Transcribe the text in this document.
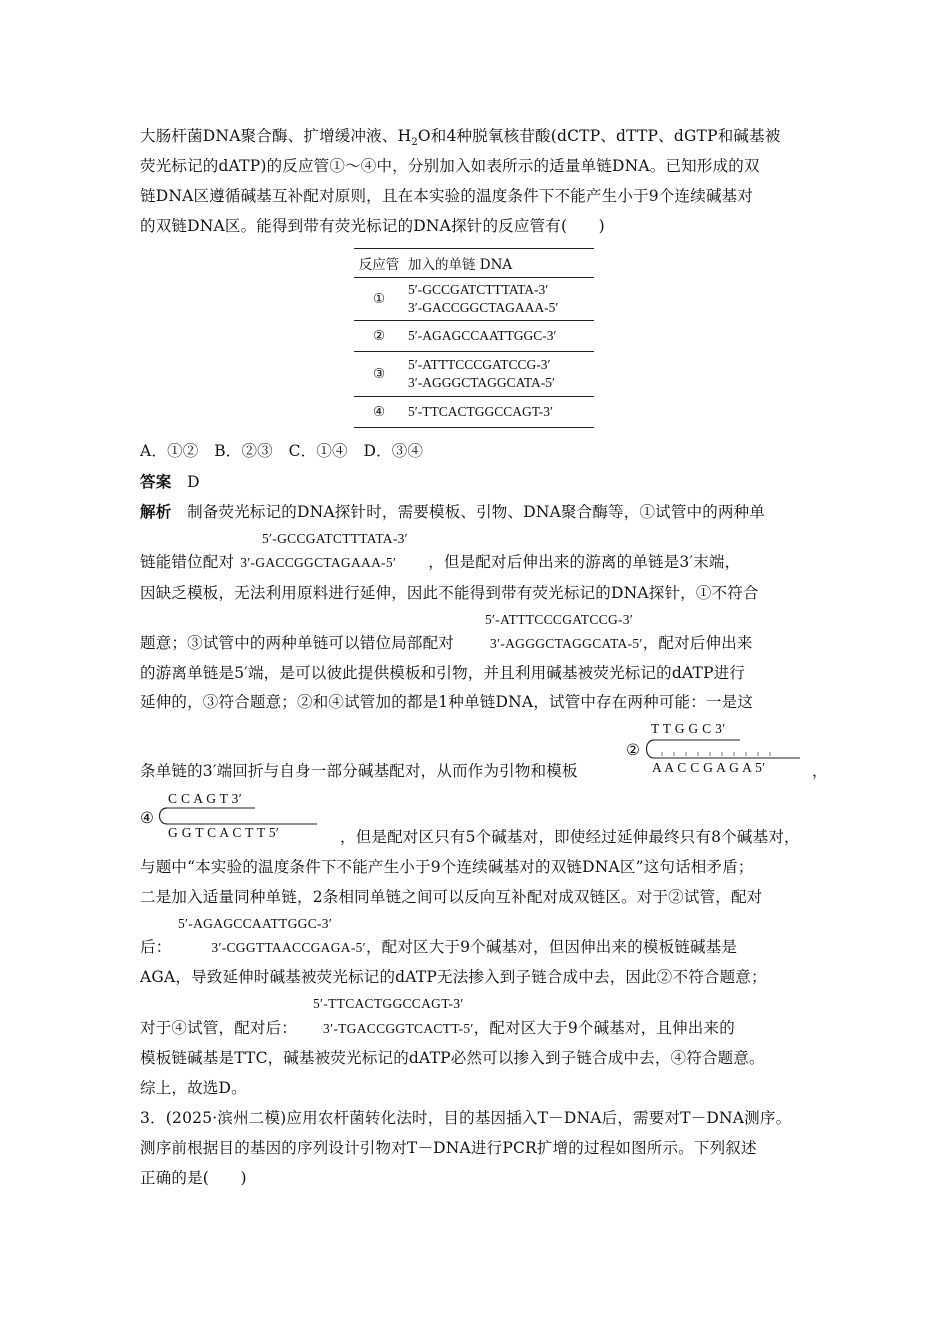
大肠杆菌DNA聚合酶、扩增缓冲液、$H_2O$和4种脱氧核苷酸(dCTP、dTTP、dGTP和碱基被
荧光标记的dATP)的反应管①～④中，分别加入如表所示的适量单链DNA。已知形成的双
链DNA区遵循碱基互补配对原则，且在本实验的温度条件下不能产生小于9个连续碱基对
的双链DNA区。能得到带有荧光标记的DNA探针的反应管有(　　)
反应管	加入的单链 DNA
①	5′-GCCGATCTTTATA-3′
3′-GACCGGCTAGAAA-5′

②	5′-AGAGCCAATTGGC-3′

③	5′-ATTTCCCGATCCG-3′
3′-AGGGCTAGGCATA-5′

④	5′-TTCACTGGCCAGT-3′
A．①②　B．②③　C．①④　D．③④
答案　 D
解析　 制备荧光标记的DNA探针时，需要模板、引物、DNA聚合酶等，①试管中的两种单
5′-GCCGATCTTTATA-3′
链能错位配对 3′-GACCGGCTAGAAA-5′ ，但是配对后伸出来的游离的单链是3′末端，
因缺乏模板，无法利用原料进行延伸，因此不能得到带有荧光标记的DNA探针，①不符合
5′-ATTTCCCGATCCG-3′
题意；③试管中的两种单链可以错位局部配对	3′-AGGGCTAGGCATA-5′，配对后伸出来
的游离单链是5′端，是可以彼此提供模板和引物，并且利用碱基被荧光标记的dATP进行
延伸的，③符合题意；②和④试管加的都是1种单链DNA，试管中存在两种可能：一是这
T T G G C 3′
②
A A C C G A G A 5′
条单链的3′端回折与自身一部分碱基配对，从而作为引物和模板	，
C C A G T 3′
④
G G T C A C T T 5′	，但是配对区只有5个碱基对，即使经过延伸最终只有8个碱基对，
与题中“本实验的温度条件下不能产生小于9个连续碱基对的双链DNA区”这句话相矛盾；
二是加入适量同种单链，2条相同单链之间可以反向互补配对成双链区。对于②试管，配对
5′-AGAGCCAATTGGC-3′
后：	3′-CGGTTAACCGAGA-5′，配对区大于9个碱基对，但因伸出来的模板链碱基是
AGA，导致延伸时碱基被荧光标记的dATP无法掺入到子链合成中去，因此②不符合题意；
5′-TTCACTGGCCAGT-3′
对于④试管，配对后： 3′-TGACCGGTCACTT-5′，配对区大于9个碱基对，且伸出来的
模板链碱基是TTC，碱基被荧光标记的dATP必然可以掺入到子链合成中去，④符合题意。
综上，故选D。
3．(2025·滨州二模)应用农杆菌转化法时，目的基因插入T－DNA后，需要对T－DNA测序。
测序前根据目的基因的序列设计引物对T－DNA进行PCR扩增的过程如图所示。下列叙述
正确的是(　　)
